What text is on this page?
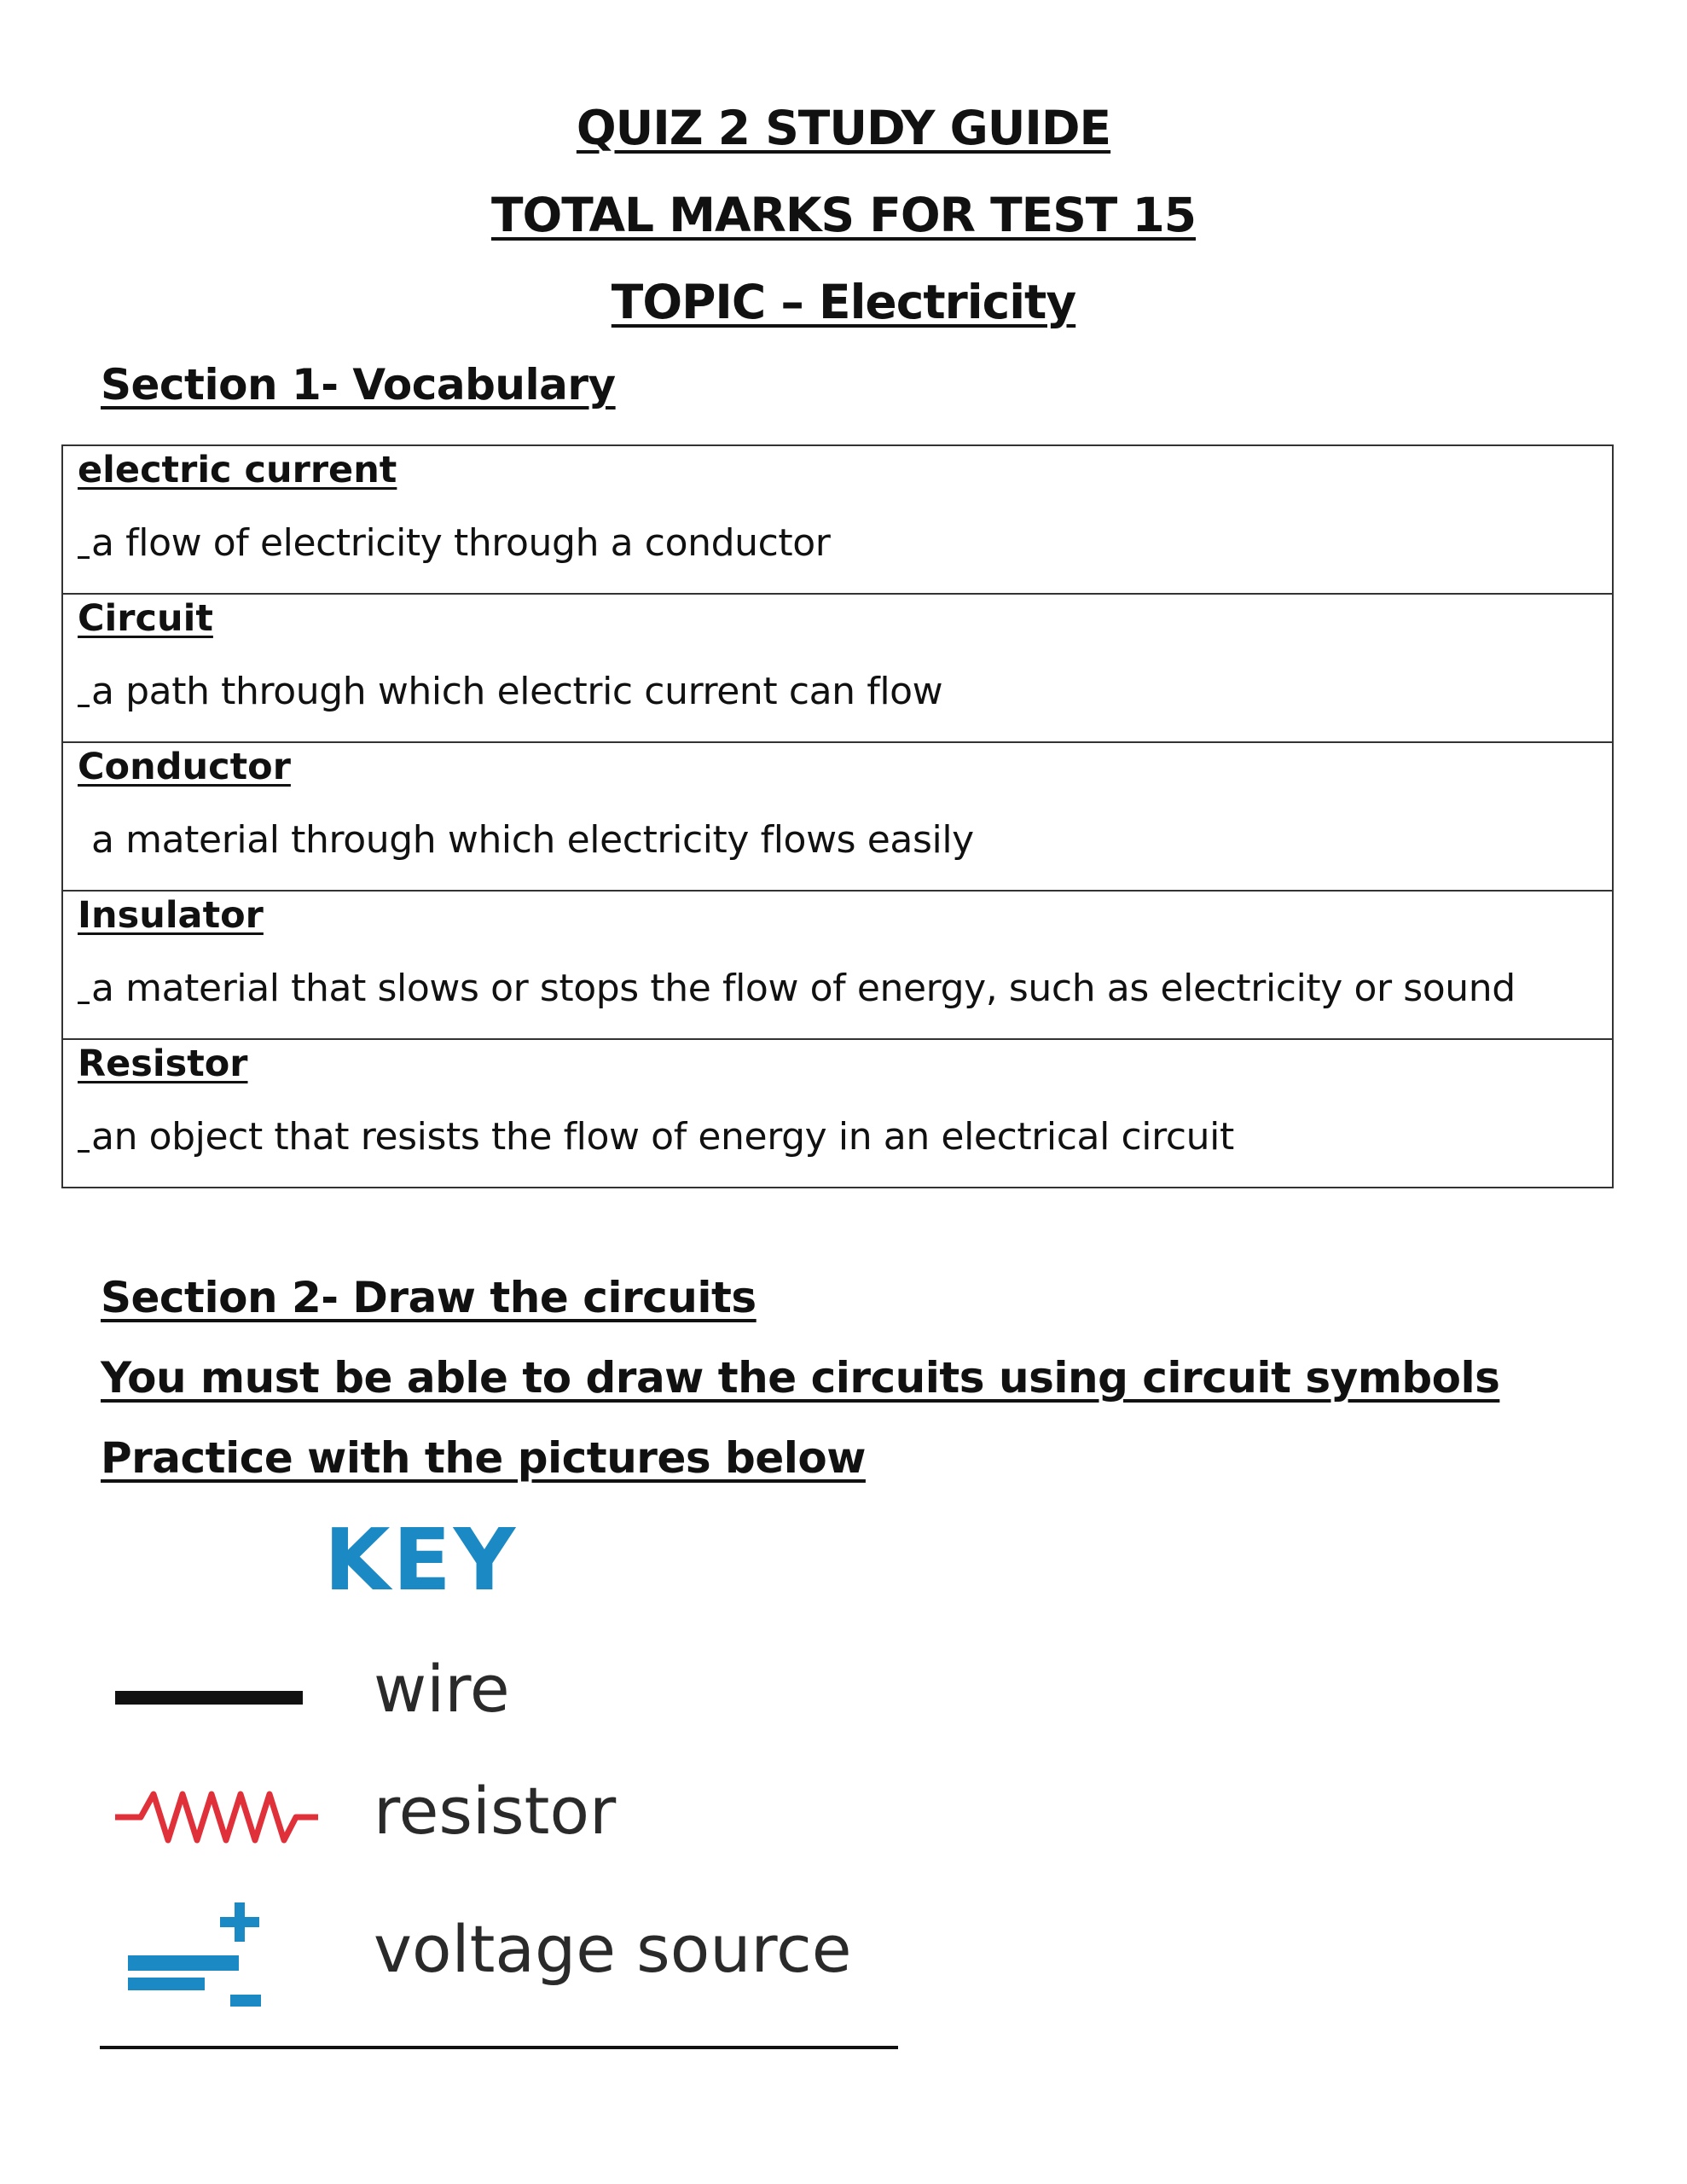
QUIZ 2 STUDY GUIDE
TOTAL MARKS FOR TEST 15
TOPIC – Electricity
Section 1- Vocabulary
electric current
a flow of electricity through a conductor
Circuit
a path through which electric current can flow
Conductor
a material through which electricity flows easily
Insulator
a material that slows or stops the flow of energy, such as electricity or sound
Resistor
an object that resists the flow of energy in an electrical circuit
Section 2- Draw the circuits

You must be able to draw the circuits using circuit symbols

Practice with the pictures below

KEY
wire
resistor
voltage source
